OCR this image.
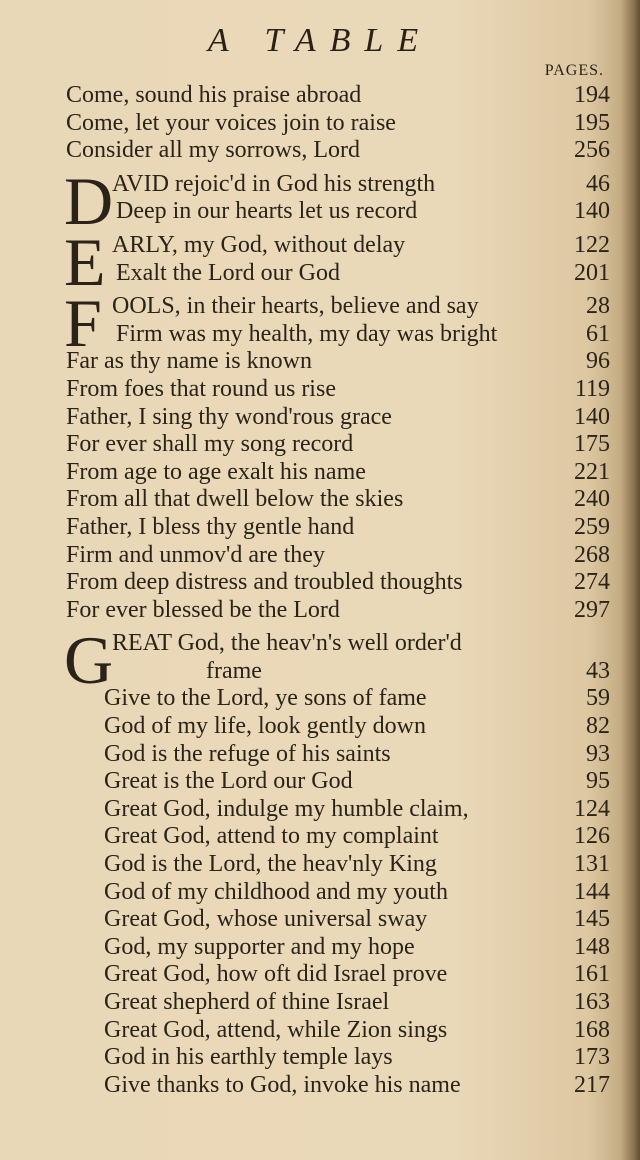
A TABLE
PAGES.
Come, sound his praise abroad	194
Come, let your voices join to raise	195
Consider all my sorrows, Lord	256
D
AVID rejoic'd in God his strength	46
Deep in our hearts let us record	140
E ARLY, my God, without delay	122
Exalt the Lord our God	201
F OOLS, in their hearts, believe and say	28
Firm was my health, my day was bright	61
Far as thy name is known	96
From foes that round us rise	119
Father, I sing thy wond'rous grace	140
For ever shall my song record	175
From age to age exalt his name	221
From all that dwell below the skies	240
Father, I bless thy gentle hand	259
Firm and unmov'd are they	268
From deep distress and troubled thoughts	274
For ever blessed be the Lord	297
G
REAT God, the heav'n's well order'd
frame	43
Give to the Lord, ye sons of fame	59
God of my life, look gently down	82
God is the refuge of his saints	93
Great is the Lord our God	95
Great God, indulge my humble claim,	124
Great God, attend to my complaint	126
God is the Lord, the heav'nly King	131
God of my childhood and my youth	144
Great God, whose universal sway	145
God, my supporter and my hope	148
Great God, how oft did Israel prove	161
Great shepherd of thine Israel	163
Great God, attend, while Zion sings	168
God in his earthly temple lays	173
Give thanks to God, invoke his name	217
